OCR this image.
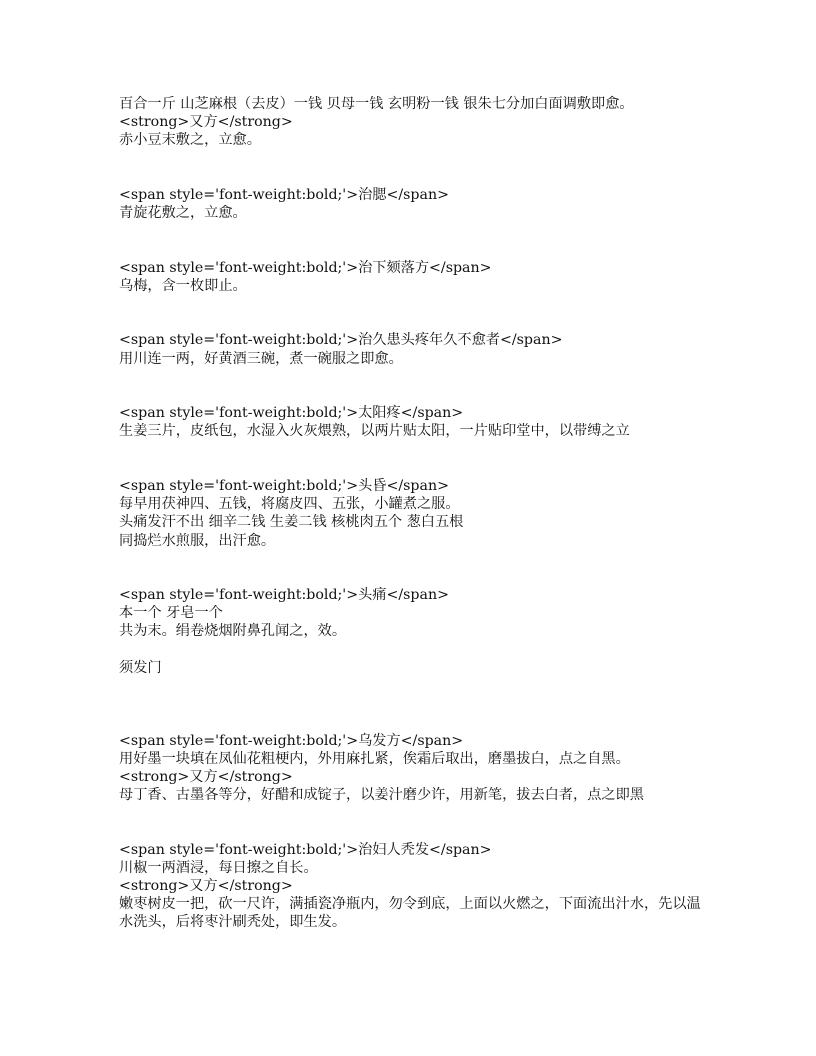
百合一斤 山芝麻根（去皮）一钱 贝母一钱 玄明粉一钱 银朱七分加白面调敷即愈。
<strong>又方</strong>
赤小豆末敷之，立愈。
<span style='font-weight:bold;'>治腮</span>
青旋花敷之，立愈。
<span style='font-weight:bold;'>治下颏落方</span>
乌梅，含一枚即止。
<span style='font-weight:bold;'>治久患头疼年久不愈者</span>
用川连一两，好黄酒三碗，煮一碗服之即愈。
<span style='font-weight:bold;'>太阳疼</span>
生姜三片，皮纸包，水湿入火灰煨熟，以两片贴太阳，一片贴印堂中，以带缚之立
<span style='font-weight:bold;'>头昏</span>
每早用茯神四、五钱，将腐皮四、五张，小罐煮之服。
头痛发汗不出 细辛二钱 生姜二钱 核桃肉五个 葱白五根
同捣烂水煎服，出汗愈。
<span style='font-weight:bold;'>头痛</span>
本一个 牙皂一个
共为末。绢卷烧烟附鼻孔闻之，效。
须发门
<span style='font-weight:bold;'>乌发方</span>
用好墨一块填在凤仙花粗梗内，外用麻扎紧，俟霜后取出，磨墨拔白，点之自黑。
<strong>又方</strong>
母丁香、古墨各等分，好醋和成锭子，以姜汁磨少许，用新笔，拔去白者，点之即黑
<span style='font-weight:bold;'>治妇人秃发</span>
川椒一两酒浸，每日擦之自长。
<strong>又方</strong>
嫩枣树皮一把，砍一尺许，满插瓷净瓶内，勿令到底，上面以火燃之，下面流出汁水，先以温
水洗头，后将枣汁刷秃处，即生发。
